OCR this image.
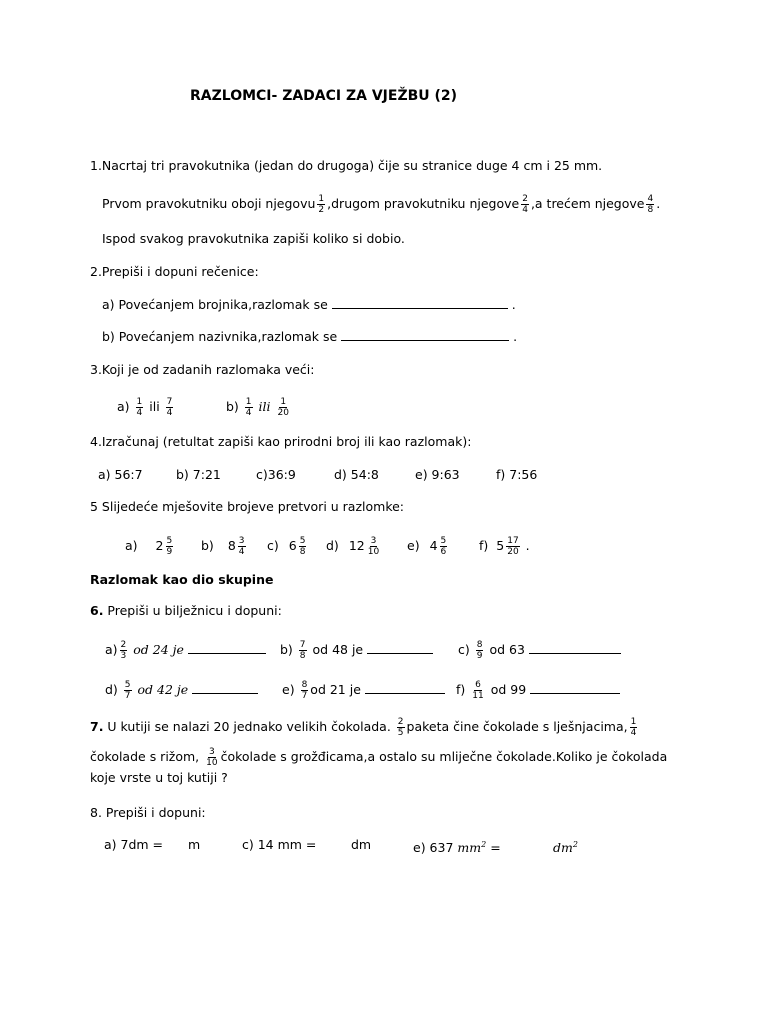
RAZLOMCI- ZADACI ZA VJEŽBU (2)
1.Nacrtaj tri pravokutnika (jedan do drugoga) čije su stranice duge 4 cm i 25 mm.
Prvom pravokutniku oboji njegovu $\frac{1}{2}$ ,drugom pravokutniku njegove $\frac{2}{4} ,a$ trećem njegove $\frac{4}{8}$ .
Ispod svakog pravokutnika zapiši koliko si dobio.
2.Prepiši i dopuni rečenice:
a) Povećanjem brojnika,razlomak se	.
b) Povećanjem nazivnika,razlomak se	.
3.Koji je od zadanih razlomaka veći:
$a) \frac{1}{4}$ ili $\frac{7}{4}$	$b) \frac{1}{4}$ ili $\frac{1}{20}$
4.Izračunaj (retultat zapiši kao prirodni broj ili kao razlomak):
a) 56:7	b) 7:21	c)36:9	d) 54:8	e) 9:63	f) 7:56
5 Slijedeće mješovite brojeve pretvori u razlomke:
a) $2 \frac{5}{9} b$) $8 \frac{3}{4} c$) $6 \frac{5}{8} d$) $12 \frac{3}{10} e$) $4 \frac{5}{6}$	f) $5 \frac{17}{20}$ .
Razlomak kao dio skupine
6. Prepiši u bilježnicu i dopuni:
$a) \frac{2}{3}$ od 24 je	$b) \frac{7}{8}$ od 48 je	$c) \frac{8}{9}$ od 63
$d) \frac{5}{7}$ od 42 je	$e) \frac{8}{7}$ od 21 je	$f) \frac{6}{11}$ od 99
7. U kutiji se nalazi 20 jednako velikih čokolada. $\frac{2}{5}$ paketa čine čokolade s lješnjacima, $\frac{1}{4}$
čokolade s rižom, $\frac{3}{10}$ čokolade s grožđicama,a ostalo su mliječne čokolade.Koliko je čokolada
koje vrste u toj kutiji ?
8. Prepiši i dopuni:
a) 7dm = m	c) 14 mm =	dm	e) 637 $mm^2$ =	$dm^2$
